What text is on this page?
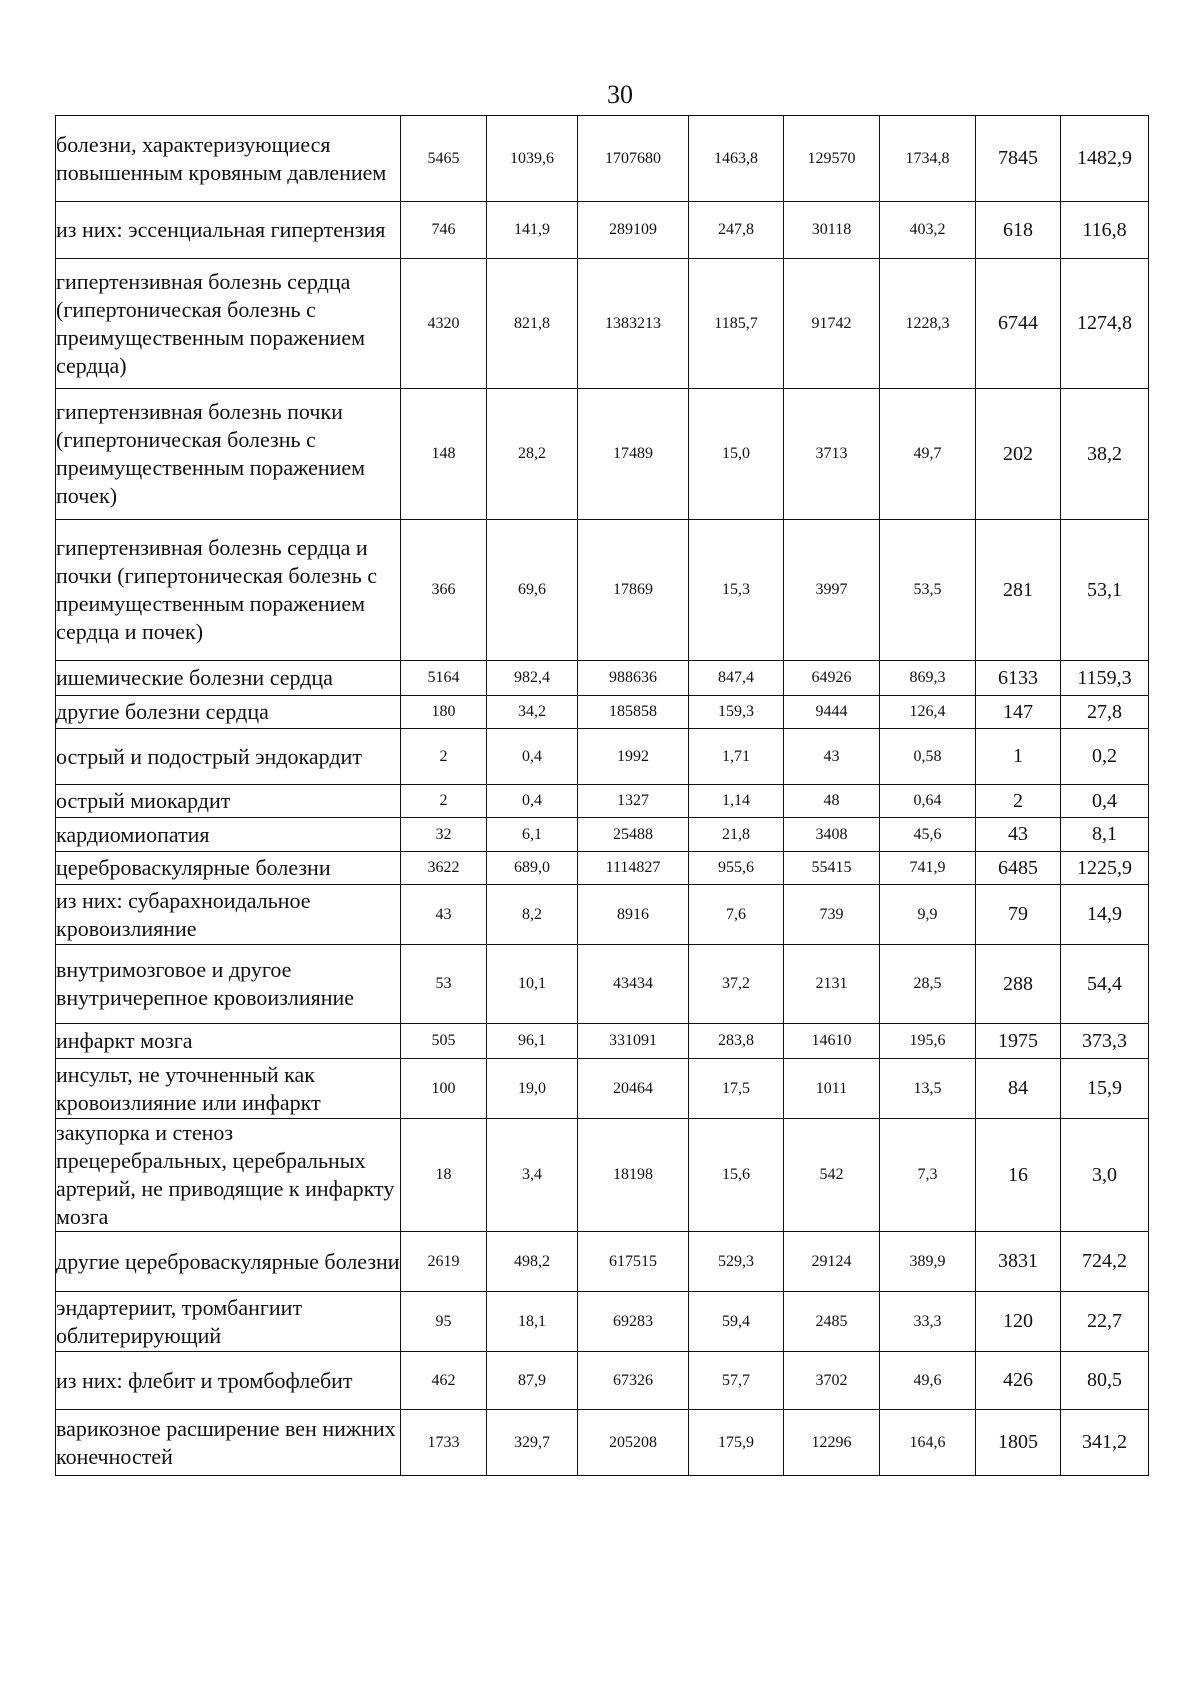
30
болезни, характеризующиеся повышенным кровяным давлением	5465	1039,6	1707680	1463,8	129570	1734,8	7845	1482,9
из них: эссенциальная гипертензия	746	141,9	289109	247,8	30118	403,2	618	116,8
гипертензивная болезнь сердца (гипертоническая болезнь с преимущественным поражением сердца)	4320	821,8	1383213	1185,7	91742	1228,3	6744	1274,8
гипертензивная болезнь почки (гипертоническая болезнь с преимущественным поражением почек)	148	28,2	17489	15,0	3713	49,7	202	38,2
гипертензивная болезнь сердца и почки (гипертоническая болезнь с преимущественным поражением сердца и почек)	366	69,6	17869	15,3	3997	53,5	281	53,1
ишемические болезни сердца	5164	982,4	988636	847,4	64926	869,3	6133	1159,3
другие болезни сердца	180	34,2	185858	159,3	9444	126,4	147	27,8
острый и подострый эндокардит	2	0,4	1992	1,71	43	0,58	1	0,2
острый миокардит	2	0,4	1327	1,14	48	0,64	2	0,4
кардиомиопатия	32	6,1	25488	21,8	3408	45,6	43	8,1
цереброваскулярные болезни	3622	689,0	1114827	955,6	55415	741,9	6485	1225,9
из них: субарахноидальное кровоизлияние	43	8,2	8916	7,6	739	9,9	79	14,9
внутримозговое и другое внутричерепное кровоизлияние	53	10,1	43434	37,2	2131	28,5	288	54,4
инфаркт мозга	505	96,1	331091	283,8	14610	195,6	1975	373,3
инсульт, не уточненный как кровоизлияние или инфаркт	100	19,0	20464	17,5	1011	13,5	84	15,9
закупорка и стеноз прецеребральных, церебральных артерий, не приводящие к инфаркту мозга	18	3,4	18198	15,6	542	7,3	16	3,0
другие цереброваскулярные болезни	2619	498,2	617515	529,3	29124	389,9	3831	724,2
эндартериит, тромбангиит облитерирующий	95	18,1	69283	59,4	2485	33,3	120	22,7
из них: флебит и тромбофлебит	462	87,9	67326	57,7	3702	49,6	426	80,5
варикозное расширение вен нижних конечностей	1733	329,7	205208	175,9	12296	164,6	1805	341,2
